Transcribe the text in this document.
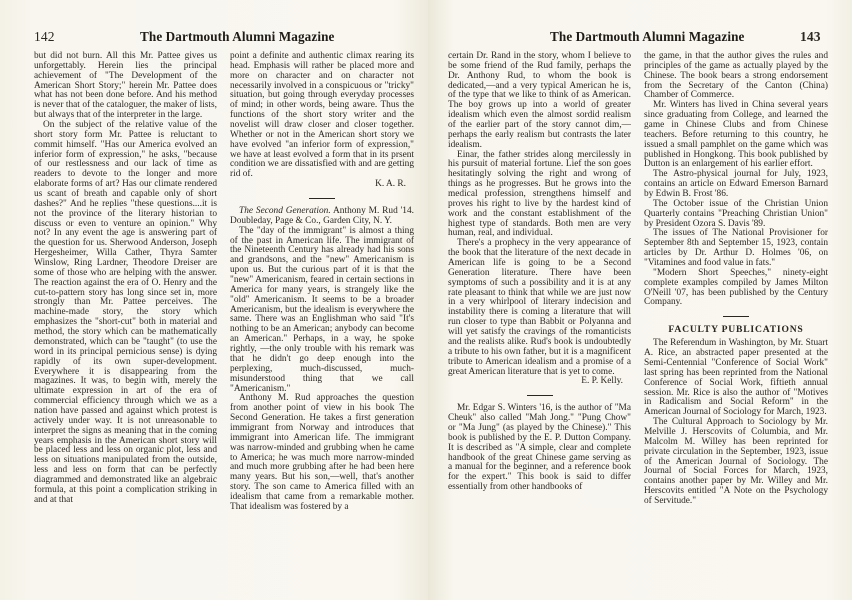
142	The Dartmouth Alumni Magazine

but did not burn. All this Mr. Pattee gives us unforgettably. Herein lies the principal achievement of "The Development of the American Short Story;" herein Mr. Pattee does what has not been done before. And his method is never that of the cataloguer, the maker of lists, but always that of the interpreter in the large.

On the subject of the relative value of the short story form Mr. Pattee is reluctant to commit himself. "Has our America evolved an inferior form of expression," he asks, "because of our restlessness and our lack of time as readers to devote to the longer and more elaborate forms of art? Has our climate rendered us scant of breath and capable only of short dashes?" And he replies "these questions....it is not the province of the literary historian to discuss or even to venture an opinion." Why not? In any event the age is answering part of the question for us. Sherwood Anderson, Joseph Hergesheimer, Willa Cather, Thyra Samter Winslow, Ring Lardner, Theodore Dreiser are some of those who are helping with the answer. The reaction against the era of O. Henry and the cut-to-pattern story has long since set in, more strongly than Mr. Pattee perceives. The machine-made story, the story which emphasizes the "short-cut" both in material and method, the story which can be mathematically demonstrated, which can be "taught" (to use the word in its principal pernicious sense) is dying rapidly of its own super-development. Everywhere it is disappearing from the magazines. It was, to begin with, merely the ultimate expression in art of the era of commercial efficiency through which we as a nation have passed and against which protest is actively under way. It is not unreasonable to interpret the signs as meaning that in the coming years emphasis in the American short story will be placed less and less on organic plot, less and less on situations manipulated from the outside, less and less on form that can be perfectly diagrammed and demonstrated like an algebraic formula, at this point a complication striking in and at that

point a definite and authentic climax rearing its head. Emphasis will rather be placed more and more on character and on character not necessarily involved in a conspicuous or "tricky" situation, but going through everyday processes of mind; in other words, being aware. Thus the functions of the short story writer and the novelist will draw closer and closer together. Whether or not in the American short story we have evolved "an inferior form of expression," we have at least evolved a form that in its prsent condition we are dissatisfied with and are getting rid of.

K. A. R.

The Second Generation. Anthony M. Rud '14. Doubleday, Page & Co., Garden City, N. Y.

The "day of the immigrant" is almost a thing of the past in American life. The immigrant of the Nineteenth Century has already had his sons and grandsons, and the "new" Americanism is upon us. But the curious part of it is that the "new" Americanism, feared in certain sections in America for many years, is strangely like the "old" Americanism. It seems to be a broader Americanism, but the idealism is everywhere the same. There was an Englishman who said "It's nothing to be an American; anybody can become an American." Perhaps, in a way, he spoke rightly, —the only trouble with his remark was that he didn't go deep enough into the perplexing, much-discussed, much-misunderstood thing that we call "Americanism."

Anthony M. Rud approaches the question from another point of view in his book The Second Generation. He takes a first generation immigrant from Norway and introduces that immigrant into American life. The immigrant was narrow-minded and grubbing when he came to America; he was much more narrow-minded and much more grubbing after he had been here many years. But his son,—well, that's another story. The son came to America filled with an idealism that came from a remarkable mother. That idealism was fostered by a

The Dartmouth Alumni Magazine	143

certain Dr. Rand in the story, whom I believe to be some friend of the Rud family, perhaps the Dr. Anthony Rud, to whom the book is dedicated,—and a very typical American he is, of the type that we like to think of as American. The boy grows up into a world of greater idealism which even the almost sordid realism of the earlier part of the story cannot dim,—perhaps the early realism but contrasts the later idealism.

Einar, the father strides along mercilessly in his pursuit of material fortune. Lief the son goes hesitatingly solving the right and wrong of things as he progresses. But he grows into the medical profession, strengthens himself and proves his right to live by the hardest kind of work and the constant establishment of the highest type of standards. Both men are very human, real, and individual.

There's a prophecy in the very appearance of the book that the literature of the next decade in American life is going to be a Second Generation literature. There have been symptoms of such a possibility and it is at any rate pleasant to think that while we are just now in a very whirlpool of literary indecision and instability there is coming a literature that will run closer to type than Babbit or Polyanna and will yet satisfy the cravings of the romanticists and the realists alike. Rud's book is undoubtedly a tribute to his own father, but it is a magnificent tribute to American idealism and a promise of a great American literature that is yet to come.

E. P. Kelly.

Mr. Edgar S. Winters '16, is the author of "Ma Cheuk" also called "Mah Jong." "Pung Chow" or "Ma Jung" (as played by the Chinese)." This book is published by the E. P. Dutton Company. It is described as "A simple, clear and complete handbook of the great Chinese game serving as a manual for the beginner, and a reference book for the expert." This book is said to differ essentially from other handbooks of

the game, in that the author gives the rules and principles of the game as actually played by the Chinese. The book bears a strong endorsement from the Secretary of the Canton (China) Chamber of Commerce.

Mr. Winters has lived in China several years since graduating from College, and learned the game in Chinese Clubs and from Chinese teachers. Before returning to this country, he issued a small pamphlet on the game which was published in Hongkong. This book published by Dutton is an enlargement of his earlier effort.

The Astro-physical journal for July, 1923, contains an article on Edward Emerson Barnard by Edwin B. Frost '86.

The October issue of the Christian Union Quarterly contains "Preaching Christian Union" by President Ozora S. Davis '89.

The issues of The National Provisioner for September 8th and September 15, 1923, contain articles by Dr. Arthur D. Holmes '06, on "Vitamines and food value in fats."

"Modern Short Speeches," ninety-eight complete examples compiled by James Milton O'Neill '07, has been published by the Century Company.

FACULTY PUBLICATIONS

The Referendum in Washington, by Mr. Stuart A. Rice, an abstracted paper presented at the Semi-Centennial "Conference of Social Work" last spring has been reprinted from the National Conference of Social Work, fiftieth annual session. Mr. Rice is also the author of "Motives in Radicalism and Social Reform" in the American Journal of Sociology for March, 1923.

The Cultural Approach to Sociology by Mr. Melville J. Herscovits of Columbia, and Mr. Malcolm M. Willey has been reprinted for private circulation in the September, 1923, issue of the American Journal of Sociology. The Journal of Social Forces for March, 1923, contains another paper by Mr. Willey and Mr. Herscovits entitled "A Note on the Psychology of Servitude."
